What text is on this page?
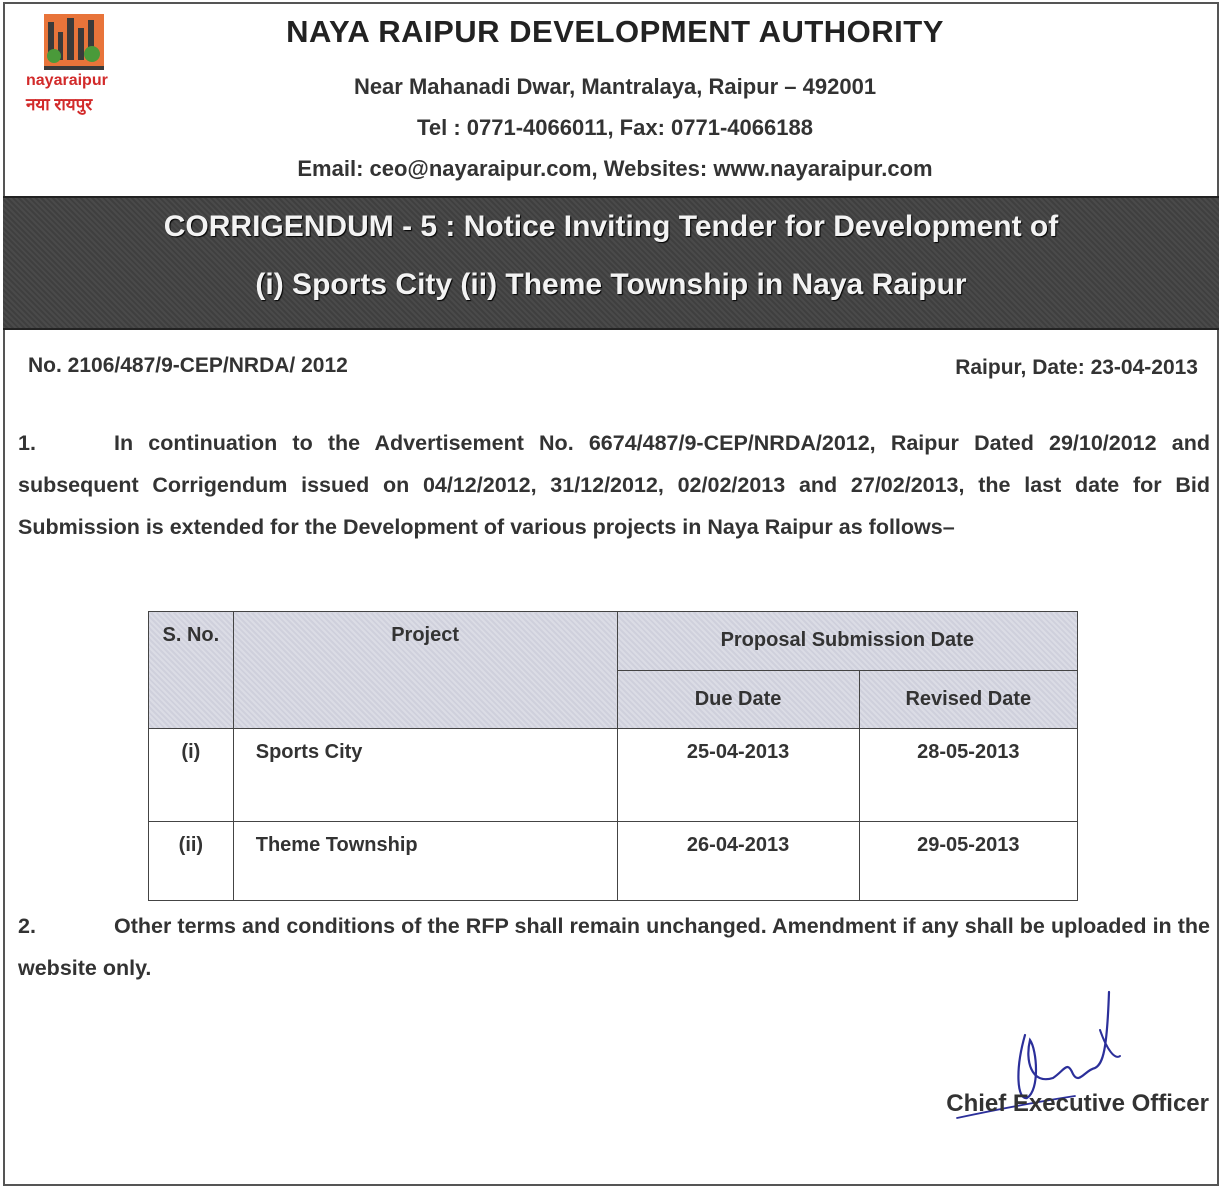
nayaraipur
नया रायपुर
NAYA RAIPUR DEVELOPMENT AUTHORITY
Near Mahanadi Dwar, Mantralaya, Raipur – 492001
Tel : 0771-4066011, Fax: 0771-4066188
Email: ceo@nayaraipur.com, Websites: www.nayaraipur.com
CORRIGENDUM - 5 : Notice Inviting Tender for Development of
(i) Sports City (ii) Theme Township in Naya Raipur
No. 2106/487/9-CEP/NRDA/ 2012	Raipur, Date: 23-04-2013
1.	In continuation to the Advertisement No. 6674/487/9-CEP/NRDA/2012, Raipur Dated 29/10/2012 and subsequent Corrigendum issued on 04/12/2012, 31/12/2012, 02/02/2013 and 27/02/2013, the last date for Bid Submission is extended for the Development of various projects in Naya Raipur as follows–
S. No.	Project	Proposal Submission Date	
		Due Date	Revised Date
(i)	Sports City	25-04-2013	28-05-2013
(ii)	Theme Township	26-04-2013	29-05-2013
2.	Other terms and conditions of the RFP shall remain unchanged. Amendment if any shall be uploaded in the website only.
Chief Executive Officer
